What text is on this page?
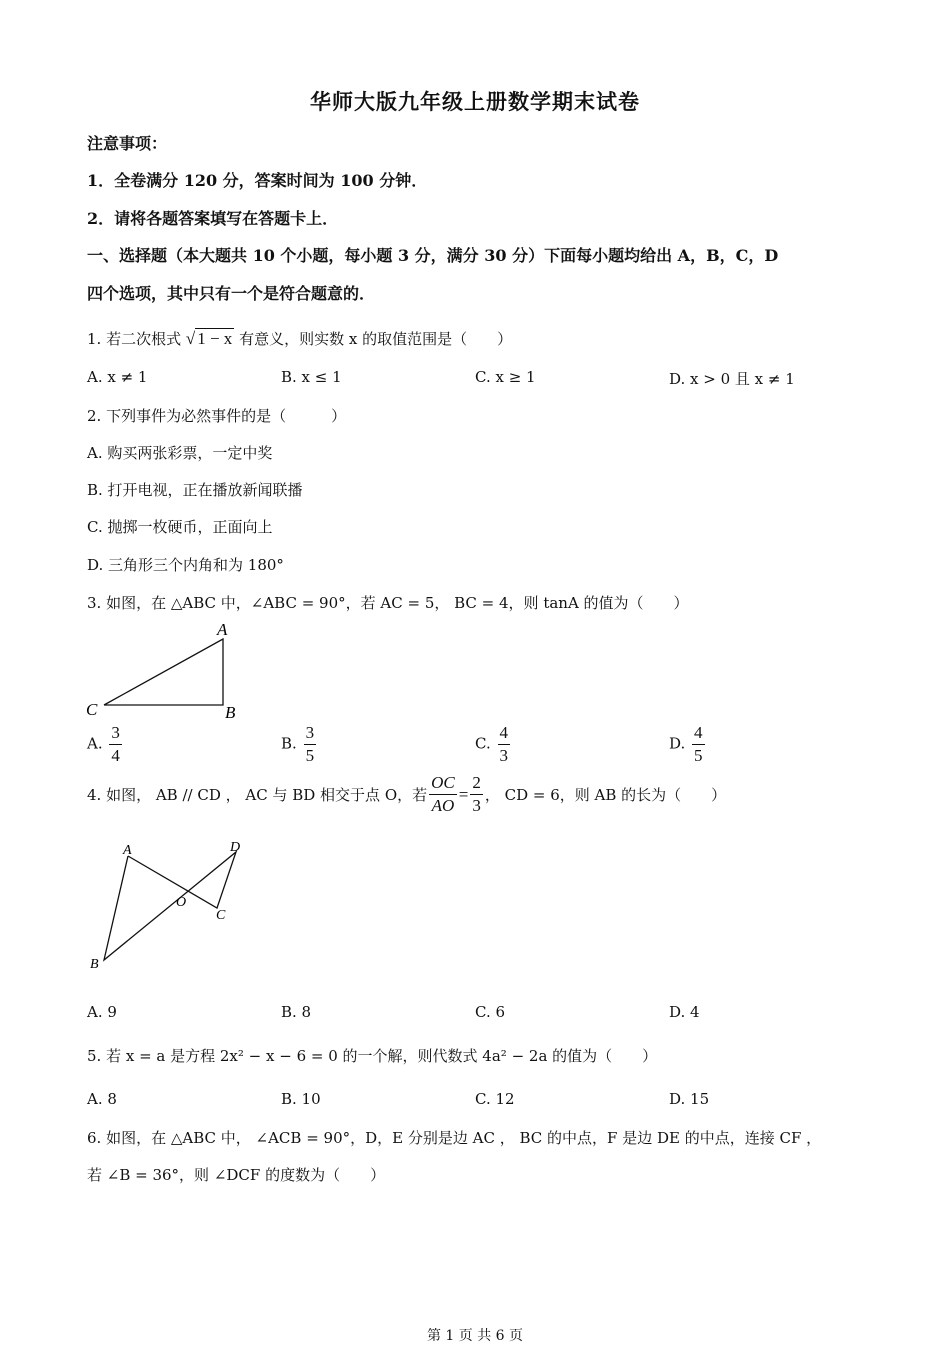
华师大版九年级上册数学期末试卷
注意事项：
1．全卷满分 120 分，答案时间为 100 分钟．
2．请将各题答案填写在答题卡上．
一、选择题（本大题共 10 个小题，每小题 3 分，满分 30 分）下面每小题均给出 A，B，C，D
四个选项，其中只有一个是符合题意的．
1. 若二次根式 √ 1 − x 有意义，则实数 x 的取值范围是（　　）
A. x ≠ 1	B. x ≤ 1	C. x ≥ 1	D. x > 0 且 x ≠ 1
2. 下列事件为必然事件的是（　　　）
A. 购买两张彩票，一定中奖
B. 打开电视，正在播放新闻联播
C. 抛掷一枚硬币，正面向上
D. 三角形三个内角和为 180°
3. 如图，在 △ABC 中，∠ABC = 90°，若 AC = 5， BC = 4，则 tanA 的值为（　　）
A
B
C
A. $\frac{3}{4}$	B. $\frac{3}{5}$	C. $\frac{4}{3}$	D. $\frac{4}{5}$
4. 如图， AB // CD ， AC 与 BD 相交于点 O，若 $\frac{OC}{AO} = \frac{2}{3}$ ， CD = 6，则 AB 的长为（　　）
A
B
C
D
O
A. 9	B. 8	C. 6	D. 4
5. 若 x = a 是方程 2x² − x − 6 = 0 的一个解，则代数式 4a² − 2a 的值为（　　）
A. 8	B. 10	C. 12	D. 15
6. 如图，在 △ABC 中， ∠ACB = 90°，D，E 分别是边 AC ， BC 的中点，F 是边 DE 的中点，连接 CF ，
若 ∠B = 36°，则 ∠DCF 的度数为（　　）
第 1 页 共 6 页
